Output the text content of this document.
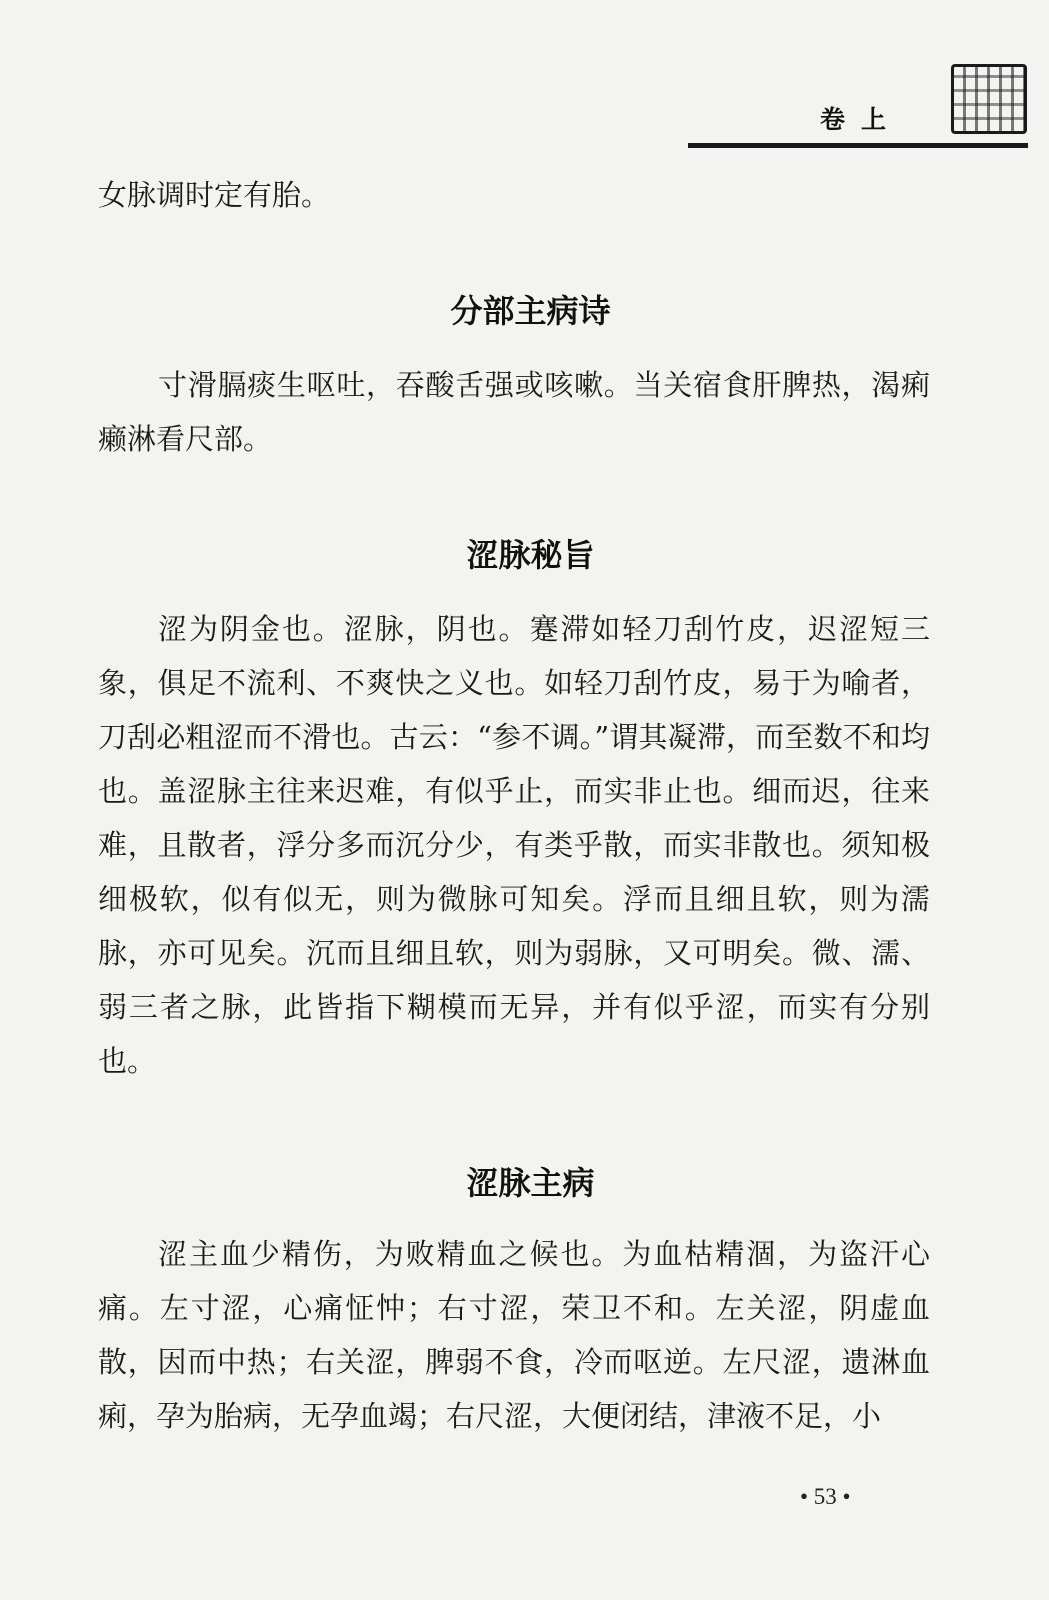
卷上

女脉调时定有胎。

分部主病诗

寸滑膈痰生呕吐，吞酸舌强或咳嗽。当关宿食肝脾热，渴痢癞淋看尺部。

涩脉秘旨

涩为阴金也。涩脉，阴也。蹇滞如轻刀刮竹皮，迟涩短三象，俱足不流利、不爽快之义也。如轻刀刮竹皮，易于为喻者，刀刮必粗涩而不滑也。古云：“参不调。”谓其凝滞，而至数不和均也。盖涩脉主往来迟难，有似乎止，而实非止也。细而迟，往来难，且散者，浮分多而沉分少，有类乎散，而实非散也。须知极细极软，似有似无，则为微脉可知矣。浮而且细且软，则为濡脉，亦可见矣。沉而且细且软，则为弱脉，又可明矣。微、濡、弱三者之脉，此皆指下糊模而无异，并有似乎涩，而实有分别也。

涩脉主病

涩主血少精伤，为败精血之候也。为血枯精涸，为盗汗心痛。左寸涩，心痛怔忡；右寸涩，荣卫不和。左关涩，阴虚血散，因而中热；右关涩，脾弱不食，冷而呕逆。左尺涩，遗淋血痢，孕为胎病，无孕血竭；右尺涩，大便闭结，津液不足，小

• 53 •
